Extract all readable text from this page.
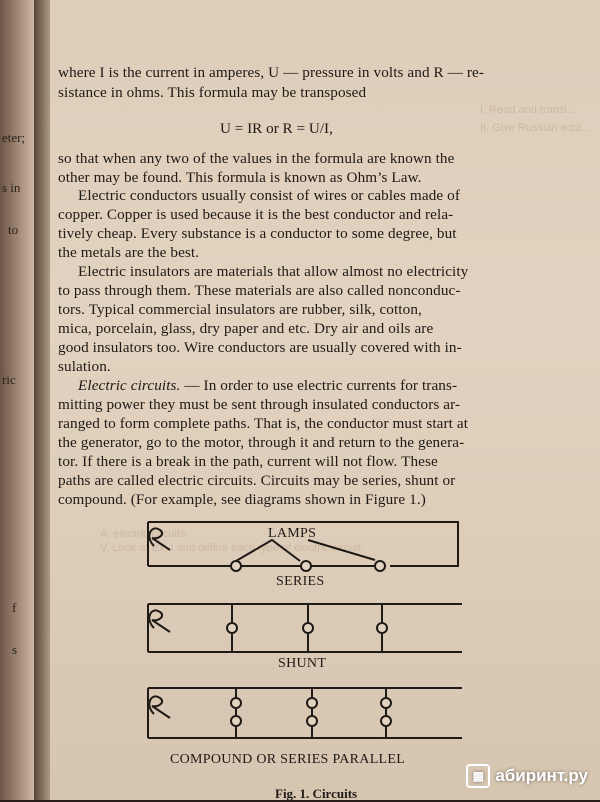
eter;
s in
to
ric
f
s
I. Read and transl...
II. Give Russian equi...
A. electric circuits
V. Look at Ex. I and define each type of electric circuit.
where I is the current in amperes, U — pressure in volts and R — re-
sistance in ohms. This formula may be transposed
U = IR or R = U/I,
so that when any two of the values in the formula are known the
other may be found. This formula is known as Ohm’s Law.
Electric conductors usually consist of wires or cables made of
copper. Copper is used because it is the best conductor and rela-
tively cheap. Every substance is a conductor to some degree, but
the metals are the best.
Electric insulators are materials that allow almost no electricity
to pass through them. These materials are also called nonconduc-
tors. Typical commercial insulators are rubber, silk, cotton,
mica, porcelain, glass, dry paper and etc. Dry air and oils are
good insulators too. Wire conductors are usually covered with in-
sulation.
Electric circuits. — In order to use electric currents for trans-
mitting power they must be sent through insulated conductors ar-
ranged to form complete paths. That is, the conductor must start at
the generator, go to the motor, through it and return to the genera-
tor. If there is a break in the path, current will not flow. These
paths are called electric circuits. Circuits may be series, shunt or
compound. (For example, see diagrams shown in Figure 1.)
LAMPS
SERIES
SHUNT
COMPOUND OR SERIES PARALLEL
Fig. 1. Circuits
▦ абиринт.ру
